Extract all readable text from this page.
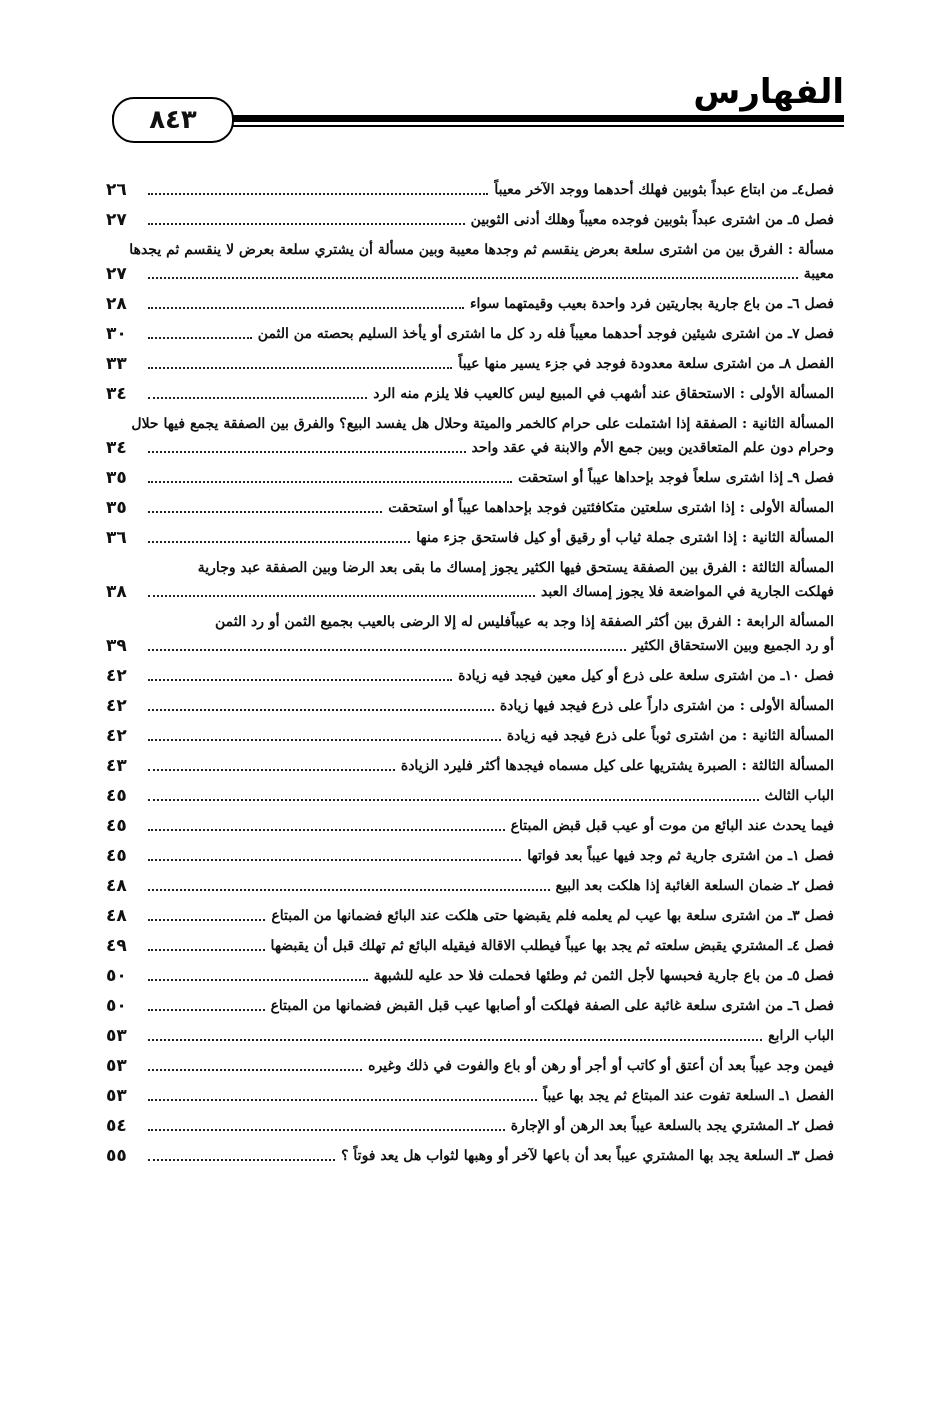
الفهارس
٨٤٣
فصل٤ـ من ابتاع عبداً بثوبين فهلك أحدهما ووجد الآخر معيباً
٢٦
فصل ٥ـ من اشترى عبداً بثوبين فوجده معيباً وهلك أدنى الثوبين
٢٧
مسألة : الفرق بين من اشترى سلعة بعرض ينقسم ثم وجدها معيبة وبين مسألة أن يشتري سلعة بعرض لا ينقسم ثم يجدها
معيبة
٢٧
فصل ٦ـ من باع جارية بجاريتين فرد واحدة بعيب وقيمتهما سواء
٢٨
فصل ٧ـ من اشترى شيئين فوجد أحدهما معيباً فله رد كل ما اشترى أو يأخذ السليم بحصته من الثمن
٣٠
الفصل ٨ـ من اشترى سلعة معدودة فوجد في جزء يسير منها عيباً
٣٣
المسألة الأولى : الاستحقاق عند أشهب في المبيع ليس كالعيب فلا يلزم منه الرد
٣٤
المسألة الثانية : الصفقة إذا اشتملت على حرام كالخمر والميتة وحلال هل يفسد البيع؟ والفرق بين الصفقة يجمع فيها حلال
وحرام دون علم المتعاقدين وبين جمع الأم والابنة في عقد واحد
٣٤
فصل ٩ـ إذا اشترى سلعاً فوجد بإحداها عيباً أو استحقت
٣٥
المسألة الأولى : إذا اشترى سلعتين متكافئتين فوجد بإحداهما عيباً أو استحقت
٣٥
المسألة الثانية : إذا اشترى جملة ثياب أو رقيق أو كيل فاستحق جزء منها
٣٦
المسألة الثالثة : الفرق بين الصفقة يستحق فيها الكثير يجوز إمساك ما بقى بعد الرضا وبين الصفقة عبد وجارية
فهلكت الجارية في المواضعة فلا يجوز إمساك العبد
٣٨
المسألة الرابعة : الفرق بين أكثر الصفقة إذا وجد به عيباًفليس له إلا الرضى بالعيب بجميع الثمن أو رد الثمن
أو رد الجميع وبين الاستحقاق الكثير
٣٩
فصل ١٠ـ من اشترى سلعة على ذرع أو كيل معين فيجد فيه زيادة
٤٢
المسألة الأولى : من اشترى داراً على ذرع فيجد فيها زيادة
٤٢
المسألة الثانية : من اشترى ثوباً على ذرع فيجد فيه زيادة
٤٢
المسألة الثالثة : الصبرة يشتريها على كيل مسماه فيجدها أكثر فليرد الزيادة
٤٣
الباب الثالث
٤٥
فيما يحدث عند البائع من موت أو عيب قبل قبض المبتاع
٤٥
فصل ١ـ من اشترى جارية ثم وجد فيها عيباً بعد فواتها
٤٥
فصل ٢ـ ضمان السلعة الغائبة إذا هلكت بعد البيع
٤٨
فصل ٣ـ من اشترى سلعة بها عيب لم يعلمه فلم يقبضها حتى هلكت عند البائع فضمانها من المبتاع
٤٨
فصل ٤ـ المشتري يقبض سلعته ثم يجد بها عيباً فيطلب الاقالة فيقيله البائع ثم تهلك قبل أن يقبضها
٤٩
فصل ٥ـ من باع جارية فحبسها لأجل الثمن ثم وطئها فحملت فلا حد عليه للشبهة
٥٠
فصل ٦ـ من اشترى سلعة غائبة على الصفة فهلكت أو أصابها عيب قبل القبض فضمانها من المبتاع
٥٠
الباب الرابع
٥٣
فيمن وجد عيباً بعد أن أعتق أو كاتب أو أجر أو رهن أو باع والفوت في ذلك وغيره
٥٣
الفصل ١ـ السلعة تفوت عند المبتاع ثم يجد بها عيباً
٥٣
فصل ٢ـ المشتري يجد بالسلعة عيباً بعد الرهن أو الإجارة
٥٤
فصل ٣ـ السلعة يجد بها المشتري عيباً بعد أن باعها لآخر أو وهبها لثواب هل يعد فوتاً ؟
٥٥
